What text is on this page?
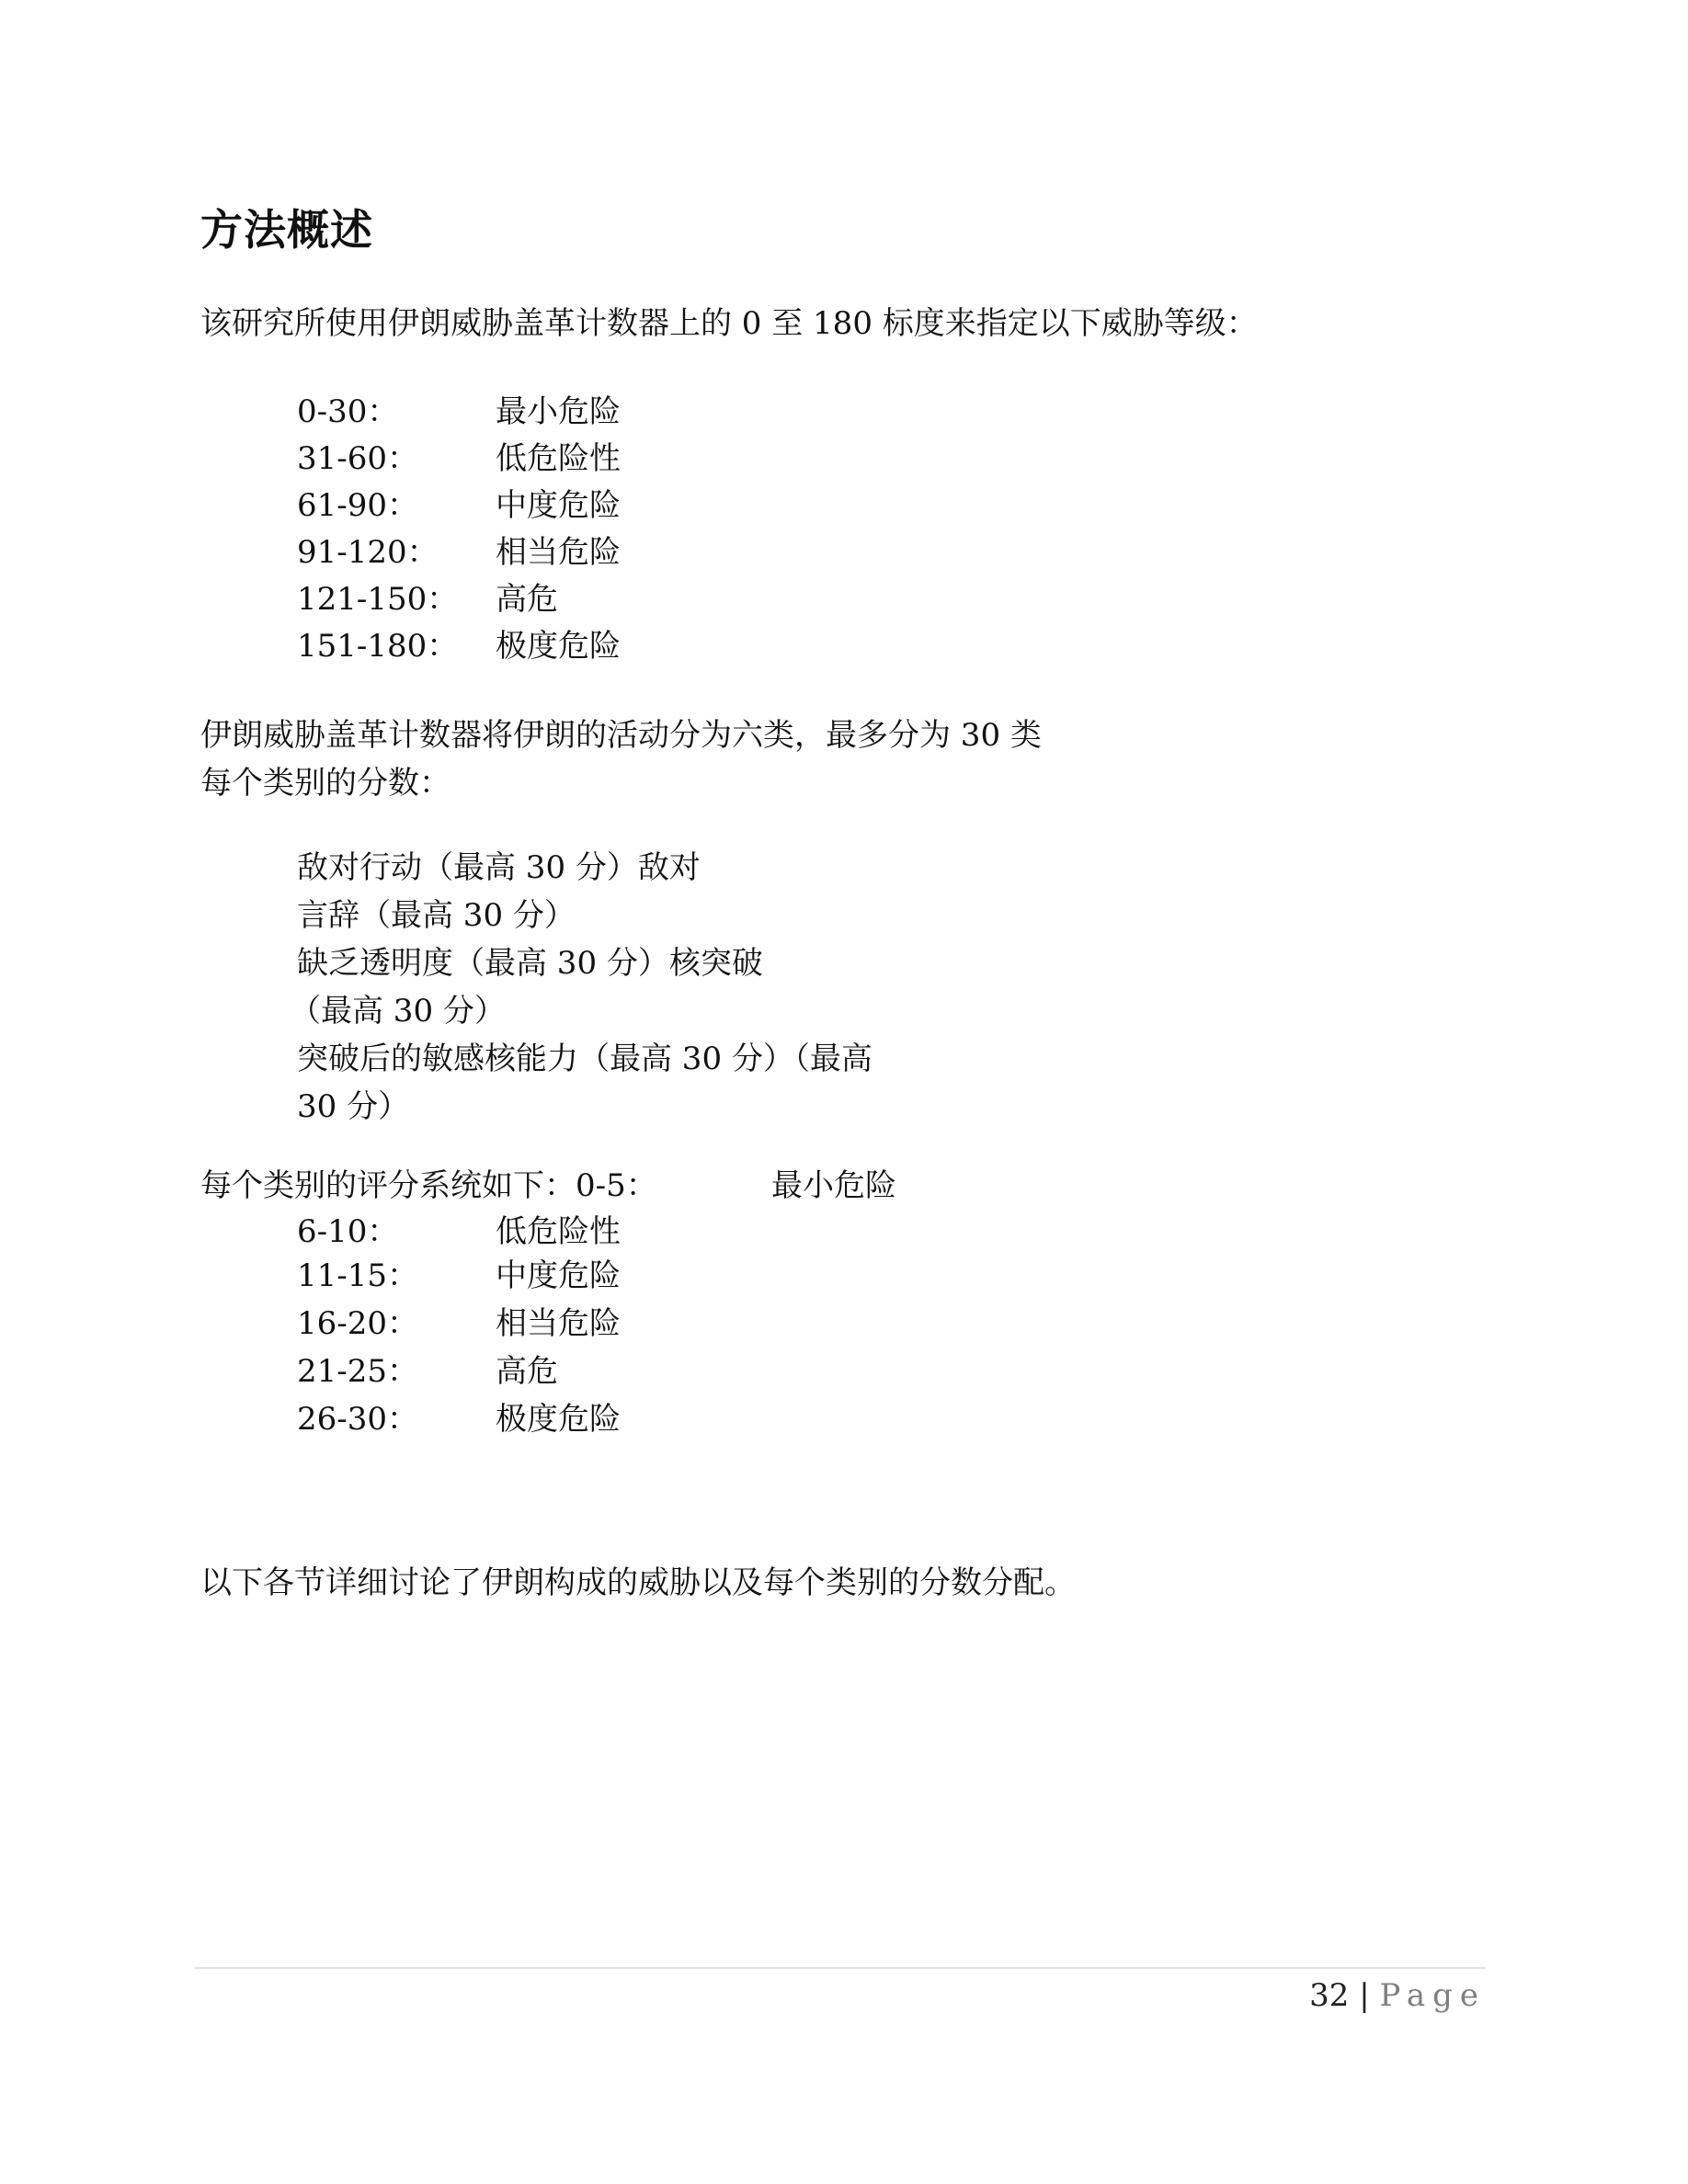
方法概述

该研究所使用伊朗威胁盖革计数器上的 0 至 180 标度来指定以下威胁等级：

0-30：	最小危险
31-60： 低危险性
61-90： 中度危险
91-120： 相当危险
121-150： 高危
151-180： 极度危险
伊朗威胁盖革计数器将伊朗的活动分为六类，最多分为 30 类
每个类别的分数：
敌对行动（最高 30 分）敌对
言辞（最高 30 分）
缺乏透明度（最高 30 分）核突破
（最高 30 分）
突破后的敏感核能力（最高 30 分）（最高
30 分）
每个类别的评分系统如下：0-5：	最小危险
6-10：	低危险性
11-15： 中度危险
16-20： 相当危险
21-25： 高危
26-30： 极度危险

以下各节详细讨论了伊朗构成的威胁以及每个类别的分数分配。

32 | Page
